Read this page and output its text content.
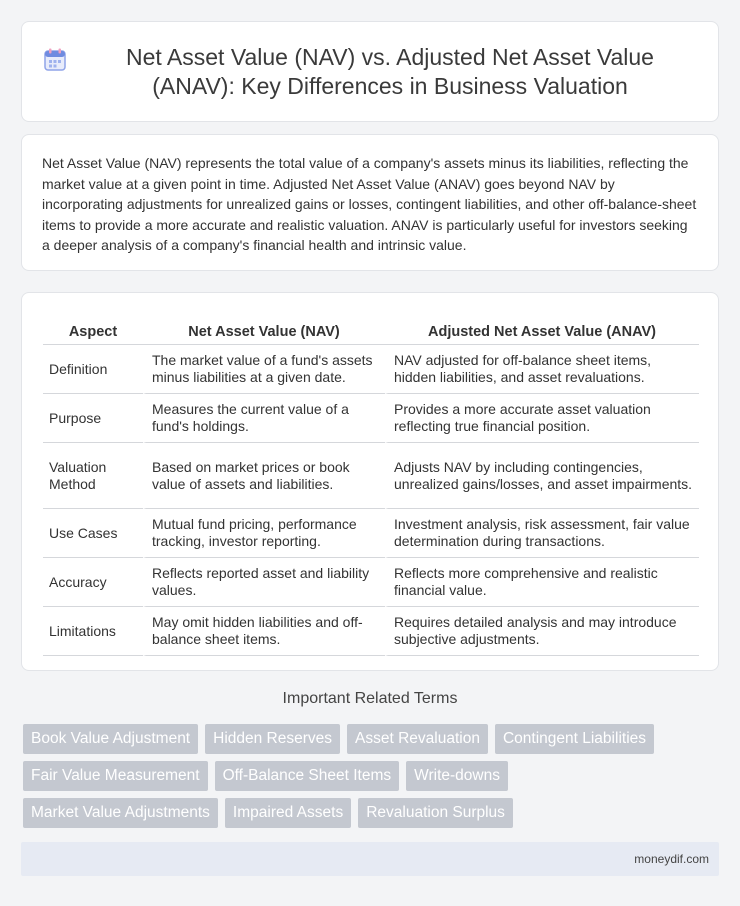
Net Asset Value (NAV) vs. Adjusted Net Asset Value (ANAV): Key Differences in Business Valuation

Net Asset Value (NAV) represents the total value of a company's assets minus its liabilities, reflecting the market value at a given point in time. Adjusted Net Asset Value (ANAV) goes beyond NAV by incorporating adjustments for unrealized gains or losses, contingent liabilities, and other off-balance-sheet items to provide a more accurate and realistic valuation. ANAV is particularly useful for investors seeking a deeper analysis of a company's financial health and intrinsic value.

Aspect	Net Asset Value (NAV)	Adjusted Net Asset Value (ANAV)
Definition	The market value of a fund's assets minus liabilities at a given date.	NAV adjusted for off-balance sheet items, hidden liabilities, and asset revaluations.
Purpose	Measures the current value of a fund's holdings.	Provides a more accurate asset valuation reflecting true financial position.
Valuation Method	Based on market prices or book value of assets and liabilities.	Adjusts NAV by including contingencies, unrealized gains/losses, and asset impairments.
Use Cases	Mutual fund pricing, performance tracking, investor reporting.	Investment analysis, risk assessment, fair value determination during transactions.
Accuracy	Reflects reported asset and liability values.	Reflects more comprehensive and realistic financial value.
Limitations	May omit hidden liabilities and off-balance sheet items.	Requires detailed analysis and may introduce subjective adjustments.
Important Related Terms
Book Value Adjustment	Hidden Reserves	Asset Revaluation	Contingent Liabilities
Fair Value Measurement	Off-Balance Sheet Items	Write-downs
Market Value Adjustments	Impaired Assets	Revaluation Surplus
moneydif.com
